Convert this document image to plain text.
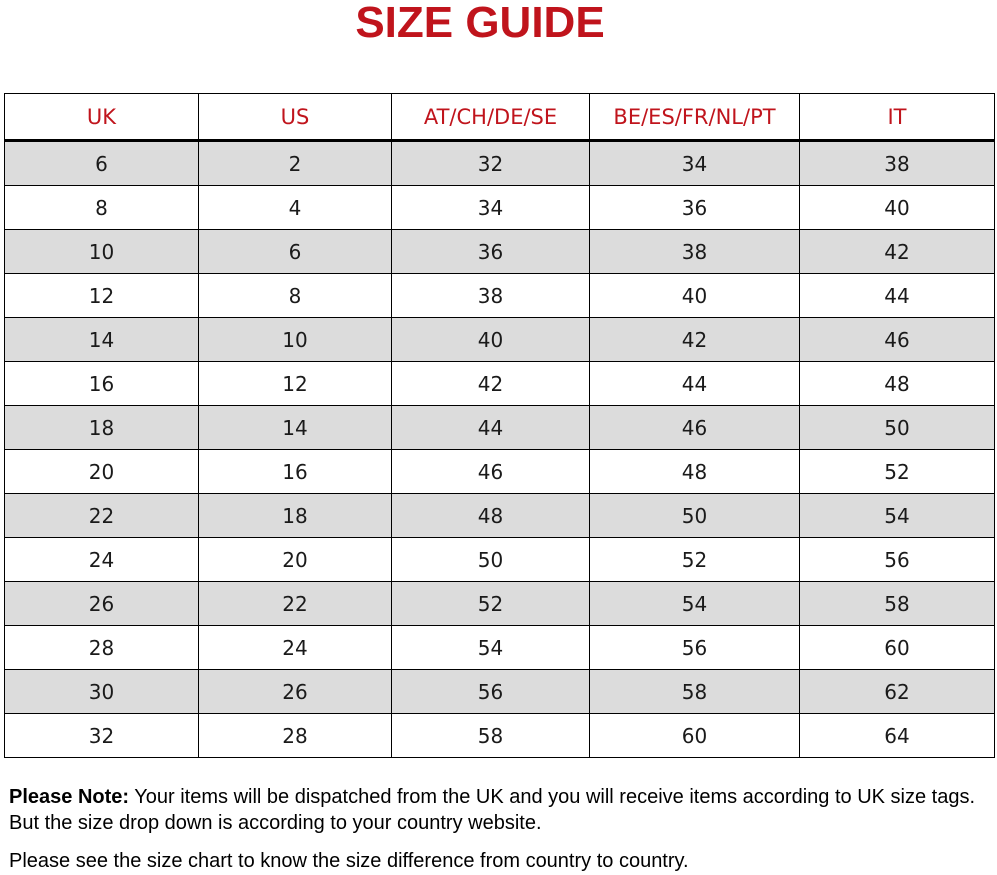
SIZE GUIDE
UK	US	AT/CH/DE/SE	BE/ES/FR/NL/PT	IT
6	2	32	34	38
8	4	34	36	40
10	6	36	38	42
12	8	38	40	44
14	10	40	42	46
16	12	42	44	48
18	14	44	46	50
20	16	46	48	52
22	18	48	50	54
24	20	50	52	56
26	22	52	54	58
28	24	54	56	60
30	26	56	58	62
32	28	58	60	64
Please Note: Your items will be dispatched from the UK and you will receive items according to UK size tags. But the size drop down is according to your country website.
Please see the size chart to know the size difference from country to country.
